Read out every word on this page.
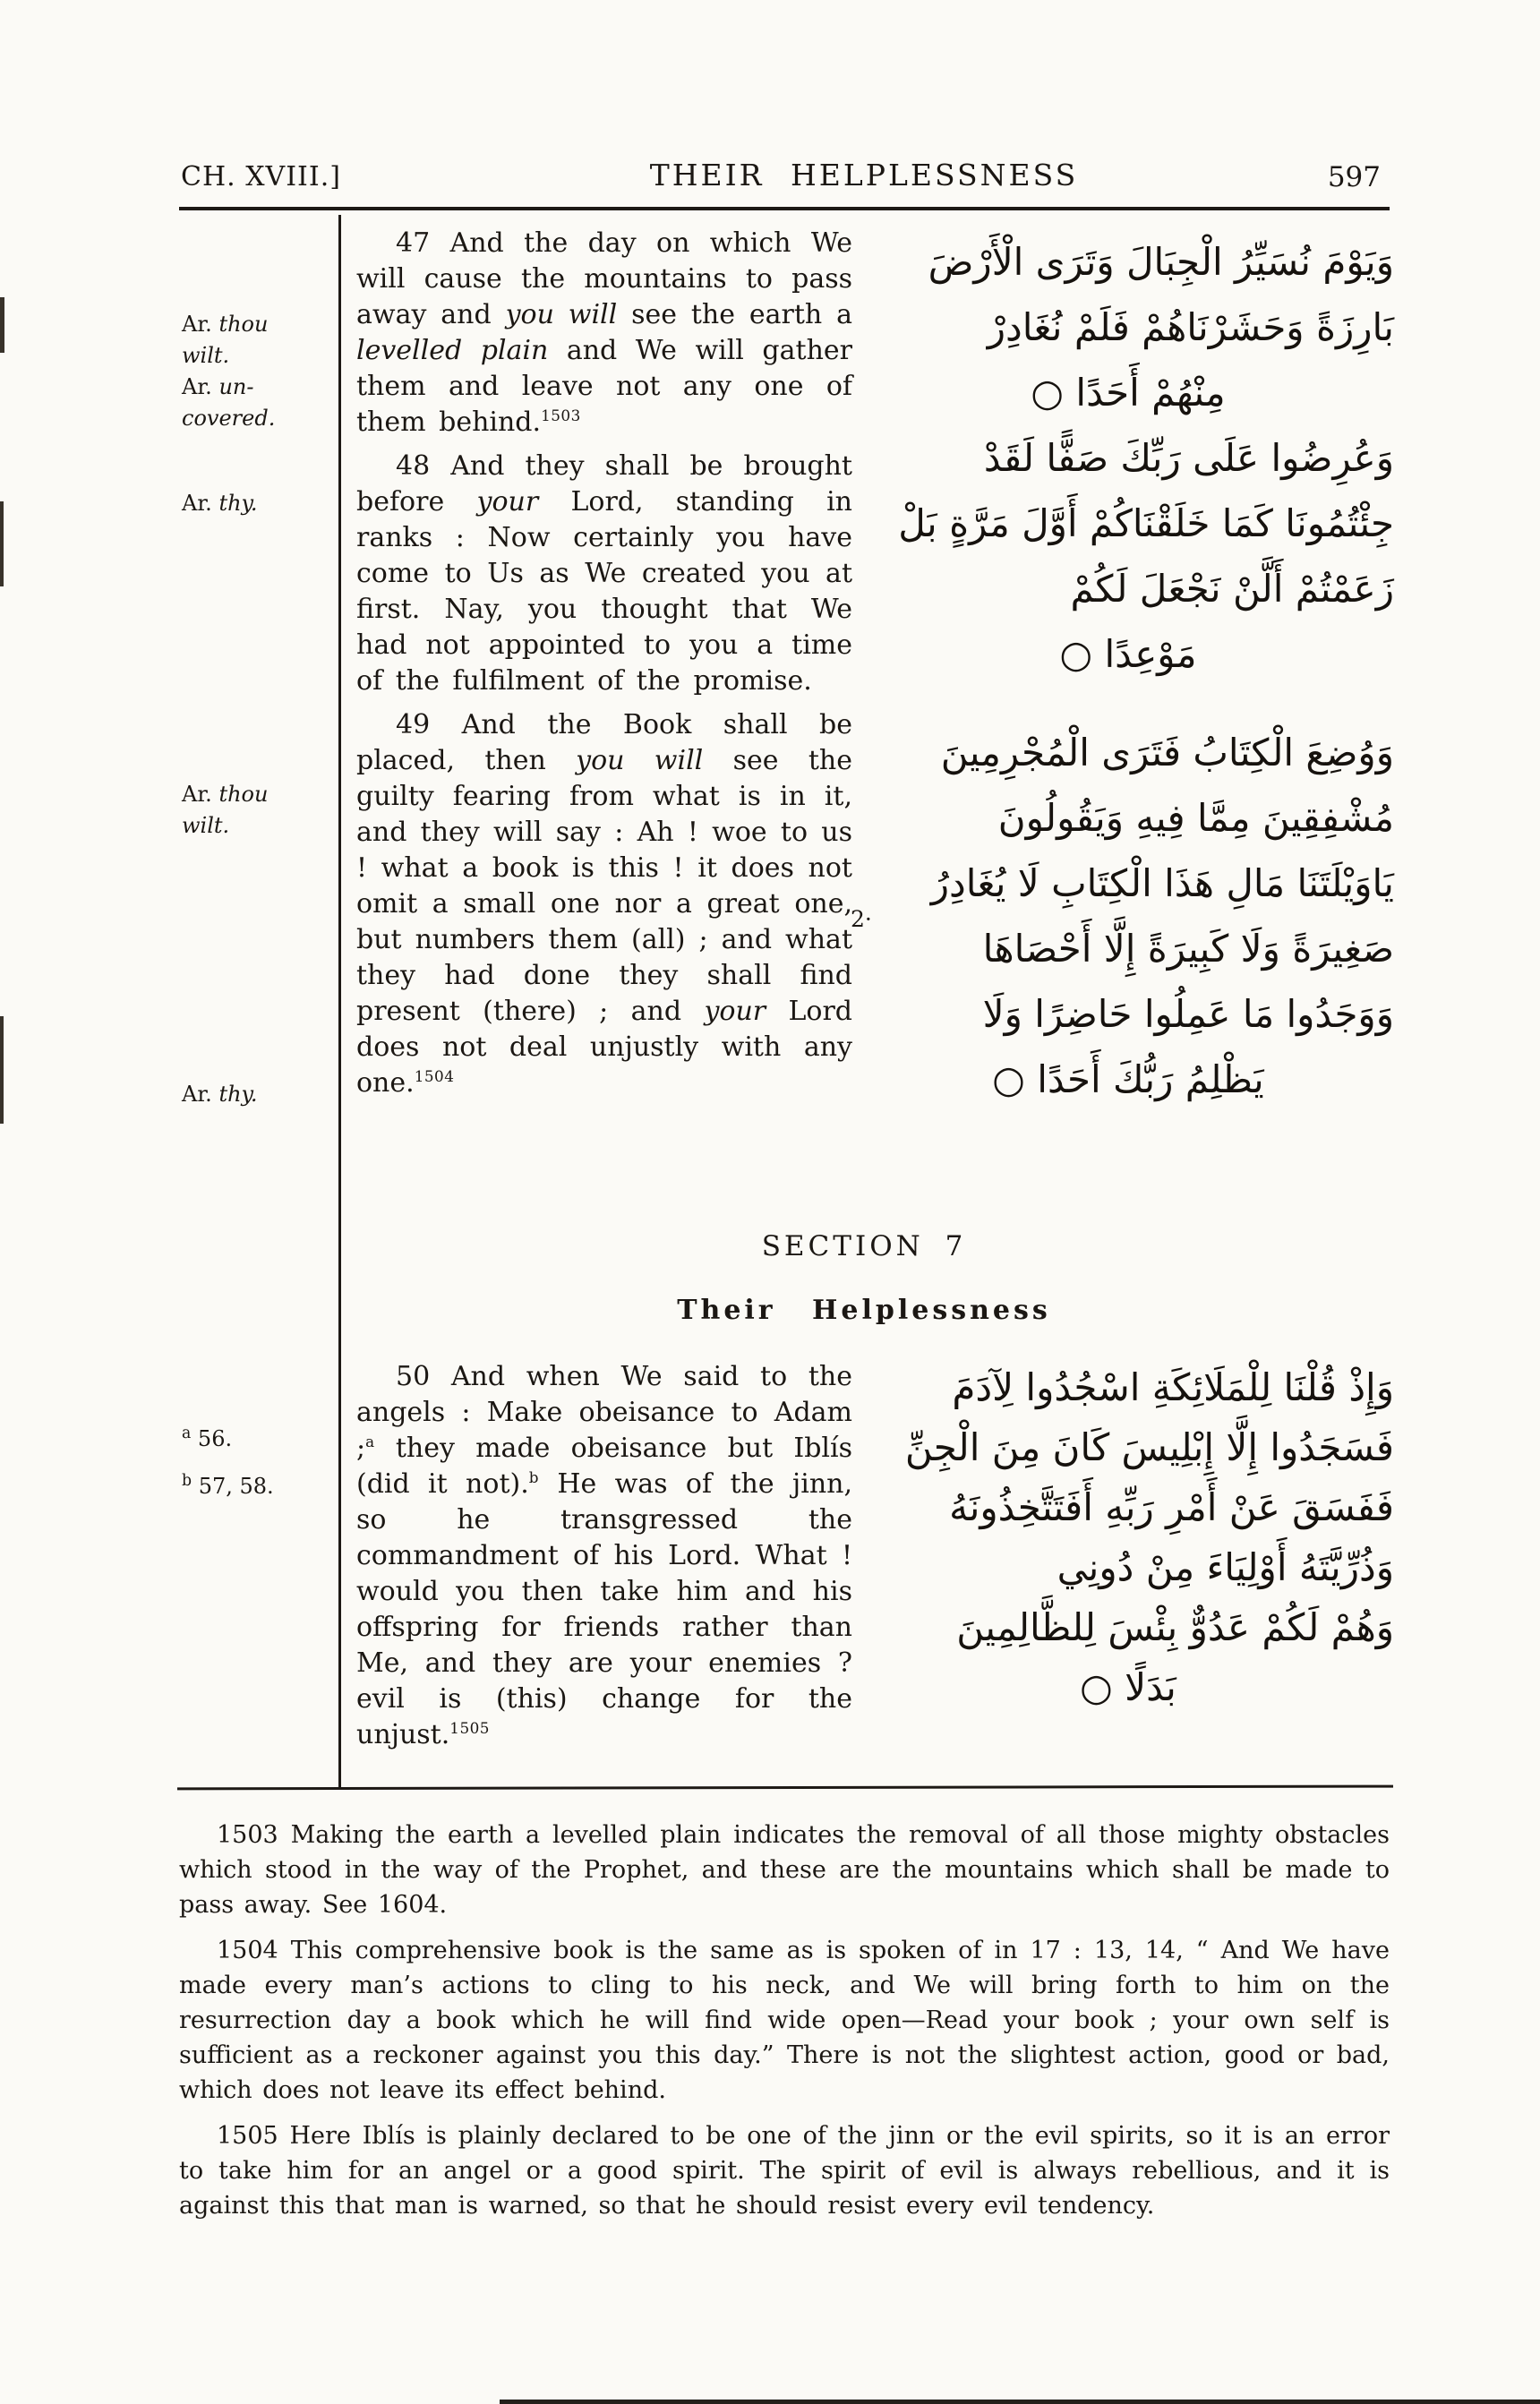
CH. XVIII.]	THEIR HELPLESSNESS	597
Ar. thou wilt.
Ar. un-covered.
Ar. thy.
Ar. thou wilt.
Ar. thy.
$^a$ 56.
$^b$ 57, 58.

47 And the day on which We will cause the mountains to pass away and you will see the earth a levelled plain and We will gather them and leave not any one of them behind.$^{1503}$

48 And they shall be brought before your Lord, standing in ranks : Now certainly you have come to Us as We created you at first. Nay, you thought that We had not appointed to you a time of the fulfilment of the promise.

49 And the Book shall be placed, then you will see the guilty fearing from what is in it, and they will say : Ah ! woe to us ! what a book is this ! it does not omit a small one nor a great one, but numbers them (all) ; and what they had done they shall find present (there) ; and your Lord does not deal unjustly with any one.$^{1504}$

SECTION 7
Their Helplessness

50 And when We said to the angels : Make obeisance to Adam ;$^a$ they made obeisance but Iblís (did it not).$^b$ He was of the jinn, so he transgressed the commandment of his Lord. What ! would you then take him and his offspring for friends rather than Me, and they are your enemies ? evil is (this) change for the unjust.$^{1505}$

وَيَوْمَ نُسَيِّرُ الْجِبَالَ وَتَرَى الْأَرْضَ
بَارِزَةً وَحَشَرْنَاهُمْ فَلَمْ نُغَادِرْ
مِنْهُمْ أَحَدًا ○
وَعُرِضُوا عَلَى رَبِّكَ صَفًّا لَقَدْ
جِئْتُمُونَا كَمَا خَلَقْنَاكُمْ أَوَّلَ مَرَّةٍ بَلْ
زَعَمْتُمْ أَلَّنْ نَجْعَلَ لَكُمْ
مَوْعِدًا ○
وَوُضِعَ الْكِتَابُ فَتَرَى الْمُجْرِمِينَ
مُشْفِقِينَ مِمَّا فِيهِ وَيَقُولُونَ
يَاوَيْلَتَنَا مَالِ هَذَا الْكِتَابِ لَا يُغَادِرُ
صَغِيرَةً وَلَا كَبِيرَةً إِلَّا أَحْصَاهَا
وَوَجَدُوا مَا عَمِلُوا حَاضِرًا وَلَا
يَظْلِمُ رَبُّكَ أَحَدًا ○
وَإِذْ قُلْنَا لِلْمَلَائِكَةِ اسْجُدُوا لِآدَمَ
فَسَجَدُوا إِلَّا إِبْلِيسَ كَانَ مِنَ الْجِنِّ
فَفَسَقَ عَنْ أَمْرِ رَبِّهِ أَفَتَتَّخِذُونَهُ
وَذُرِّيَّتَهُ أَوْلِيَاءَ مِنْ دُونِي
وَهُمْ لَكُمْ عَدُوٌّ بِئْسَ لِلظَّالِمِينَ
بَدَلًا ○
2·

1503 Making the earth a levelled plain indicates the removal of all those mighty obstacles which stood in the way of the Prophet, and these are the mountains which shall be made to pass away. See 1604.

1504 This comprehensive book is the same as is spoken of in 17 : 13, 14, “ And We have made every man’s actions to cling to his neck, and We will bring forth to him on the resurrection day a book which he will find wide open—Read your book ; your own self is sufficient as a reckoner against you this day.” There is not the slightest action, good or bad, which does not leave its effect behind.

1505 Here Iblís is plainly declared to be one of the jinn or the evil spirits, so it is an error to take him for an angel or a good spirit. The spirit of evil is always rebellious, and it is against this that man is warned, so that he should resist every evil tendency.
